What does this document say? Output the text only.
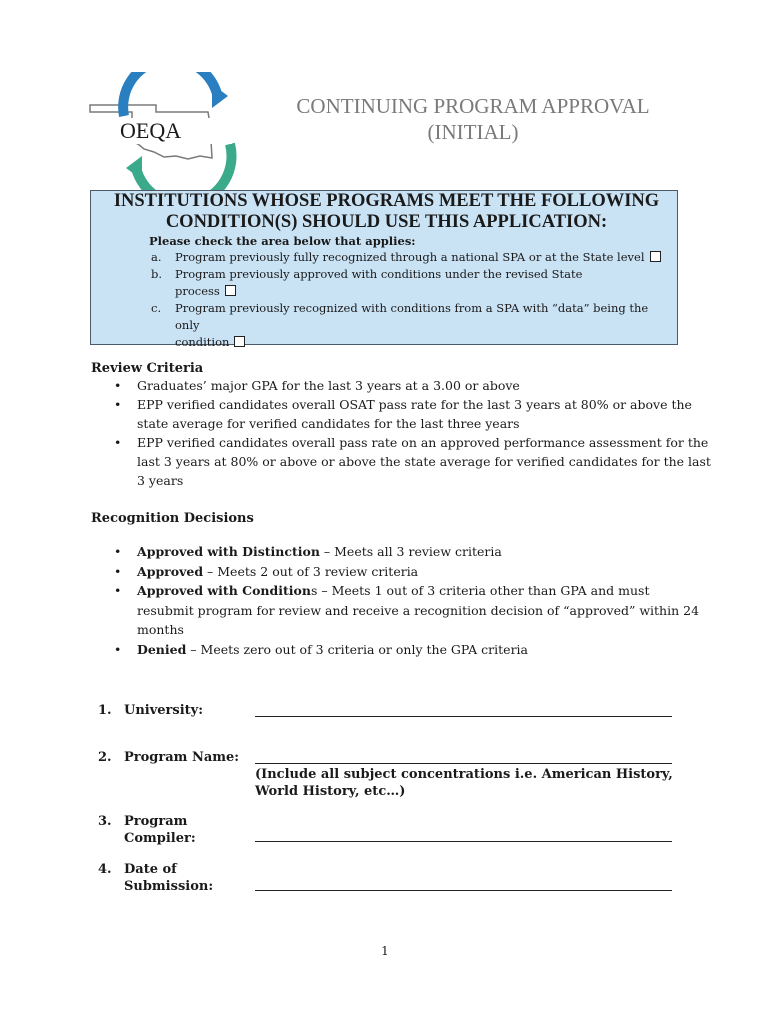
OEQA
QUALITY
ACCOUNTABILITY
CONTINUING PROGRAM APPROVAL
(INITIAL)
INSTITUTIONS WHOSE PROGRAMS MEET THE FOLLOWING
CONDITION(S) SHOULD USE THIS APPLICATION:
Please check the area below that applies:
a. Program previously fully recognized through a national SPA or at the State level
b. Program previously approved with conditions under the revised State
process
c. Program previously recognized with conditions from a SPA with “data” being the only
condition
Review Criteria
• Graduates’ major GPA for the last 3 years at a 3.00 or above
• EPP verified candidates overall OSAT pass rate for the last 3 years at 80% or above the
state average for verified candidates for the last three years
• EPP verified candidates overall pass rate on an approved performance assessment for the
last 3 years at 80% or above or above the state average for verified candidates for the last
3 years
Recognition Decisions
• Approved with Distinction – Meets all 3 review criteria
• Approved – Meets 2 out of 3 review criteria
• Approved with Conditions – Meets 1 out of 3 criteria other than GPA and must
resubmit program for review and receive a recognition decision of “approved” within 24
months
• Denied – Meets zero out of 3 criteria or only the GPA criteria
1. University:
2. Program Name:
(Include all subject concentrations i.e. American History,
World History, etc…)
3. Program
Compiler:
4. Date of
Submission:
1
